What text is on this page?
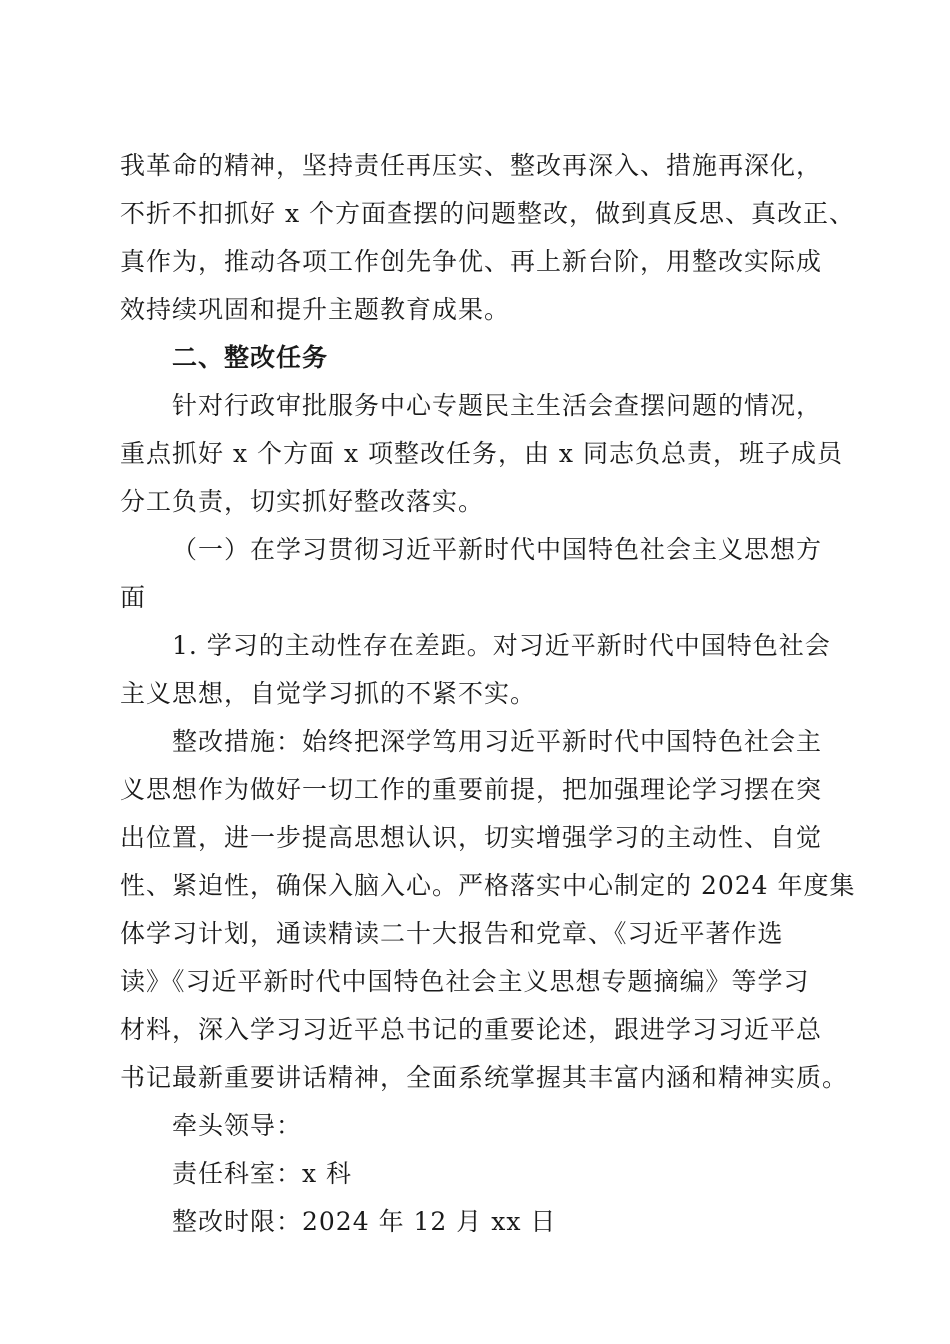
我革命的精神，坚持责任再压实、整改再深入、措施再深化，
不折不扣抓好 x 个方面查摆的问题整改，做到真反思、真改正、
真作为，推动各项工作创先争优、再上新台阶，用整改实际成
效持续巩固和提升主题教育成果。
二、整改任务
针对行政审批服务中心专题民主生活会查摆问题的情况，
重点抓好 x 个方面 x 项整改任务，由 x 同志负总责，班子成员
分工负责，切实抓好整改落实。
（一）在学习贯彻习近平新时代中国特色社会主义思想方
面
1. 学习的主动性存在差距。对习近平新时代中国特色社会
主义思想，自觉学习抓的不紧不实。
整改措施：始终把深学笃用习近平新时代中国特色社会主
义思想作为做好一切工作的重要前提，把加强理论学习摆在突
出位置，进一步提高思想认识，切实增强学习的主动性、自觉
性、紧迫性，确保入脑入心。严格落实中心制定的 2024 年度集
体学习计划，通读精读二十大报告和党章、《习近平著作选
读》《习近平新时代中国特色社会主义思想专题摘编》等学习
材料，深入学习习近平总书记的重要论述，跟进学习习近平总
书记最新重要讲话精神，全面系统掌握其丰富内涵和精神实质。
牵头领导：
责任科室：x 科
整改时限：2024 年 12 月 xx 日
